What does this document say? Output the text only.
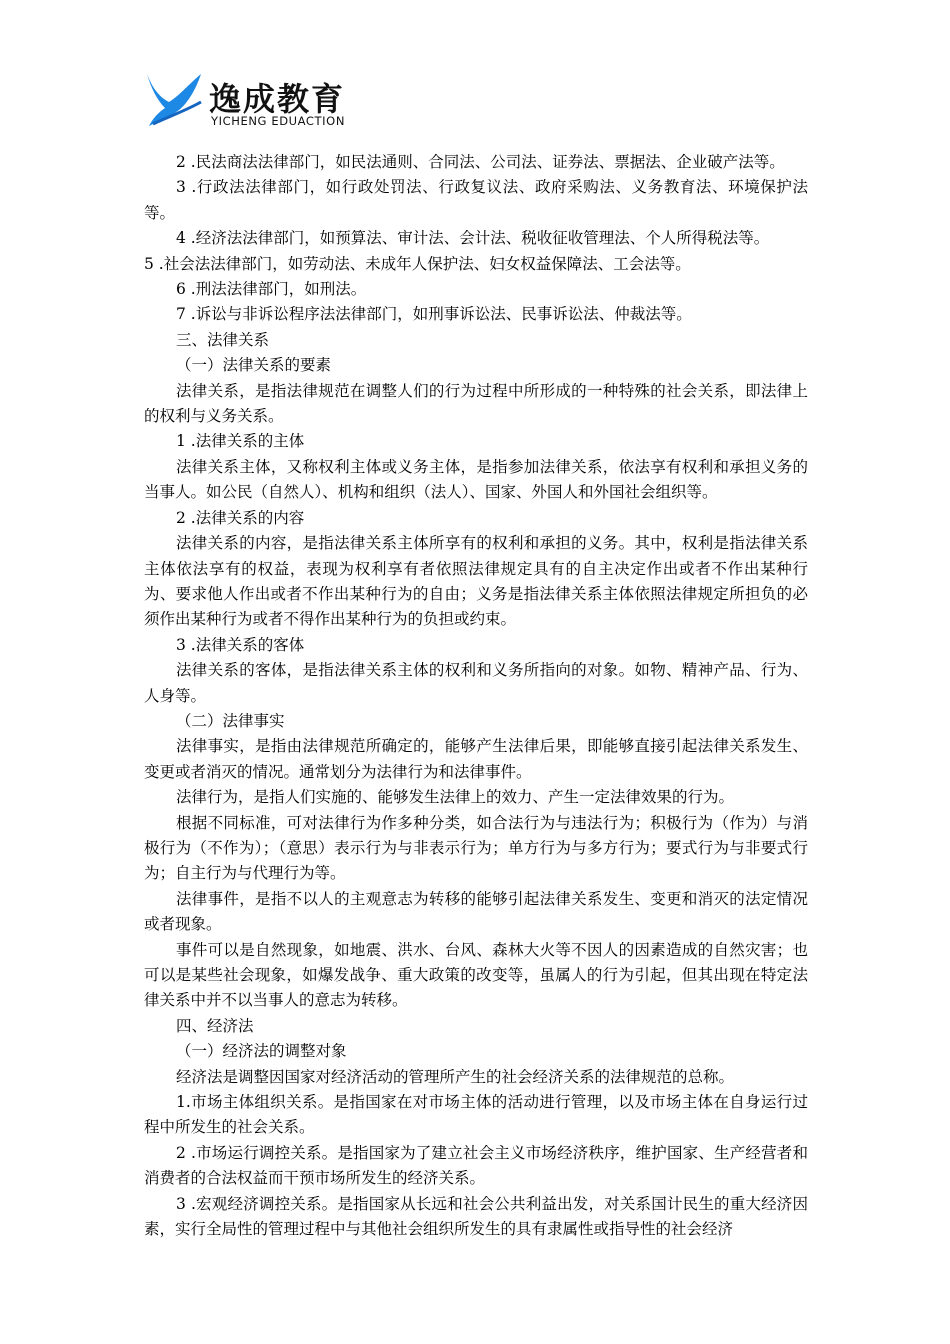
逸成教育
YICHENG EDUACTION

2 .民法商法法律部门，如民法通则、合同法、公司法、证券法、票据法、企业破产法等。

3 .行政法法律部门，如行政处罚法、行政复议法、政府采购法、义务教育法、环境保护法等。

4 .经济法法律部门，如预算法、审计法、会计法、税收征收管理法、个人所得税法等。

5 .社会法法律部门，如劳动法、未成年人保护法、妇女权益保障法、工会法等。

6 .刑法法律部门，如刑法。

7 .诉讼与非诉讼程序法法律部门，如刑事诉讼法、民事诉讼法、仲裁法等。

三、法律关系

（一）法律关系的要素

法律关系，是指法律规范在调整人们的行为过程中所形成的一种特殊的社会关系，即法律上的权利与义务关系。

1 .法律关系的主体

法律关系主体，又称权利主体或义务主体，是指参加法律关系，依法享有权利和承担义务的当事人。如公民（自然人）、机构和组织（法人）、国家、外国人和外国社会组织等。

2 .法律关系的内容

法律关系的内容，是指法律关系主体所享有的权利和承担的义务。其中，权利是指法律关系主体依法享有的权益，表现为权利享有者依照法律规定具有的自主决定作出或者不作出某种行为、要求他人作出或者不作出某种行为的自由；义务是指法律关系主体依照法律规定所担负的必须作出某种行为或者不得作出某种行为的负担或约束。

3 .法律关系的客体

法律关系的客体，是指法律关系主体的权利和义务所指向的对象。如物、精神产品、行为、人身等。

（二）法律事实

法律事实，是指由法律规范所确定的，能够产生法律后果，即能够直接引起法律关系发生、变更或者消灭的情况。通常划分为法律行为和法律事件。

法律行为，是指人们实施的、能够发生法律上的效力、产生一定法律效果的行为。

根据不同标准，可对法律行为作多种分类，如合法行为与违法行为；积极行为（作为）与消极行为（不作为）；（意思）表示行为与非表示行为；单方行为与多方行为；要式行为与非要式行为；自主行为与代理行为等。

法律事件，是指不以人的主观意志为转移的能够引起法律关系发生、变更和消灭的法定情况或者现象。

事件可以是自然现象，如地震、洪水、台风、森林大火等不因人的因素造成的自然灾害；也可以是某些社会现象，如爆发战争、重大政策的改变等，虽属人的行为引起，但其出现在特定法律关系中并不以当事人的意志为转移。

四、经济法

（一）经济法的调整对象

经济法是调整因国家对经济活动的管理所产生的社会经济关系的法律规范的总称。

1.市场主体组织关系。是指国家在对市场主体的活动进行管理，以及市场主体在自身运行过程中所发生的社会关系。

2 .市场运行调控关系。是指国家为了建立社会主义市场经济秩序，维护国家、生产经营者和消费者的合法权益而干预市场所发生的经济关系。

3 .宏观经济调控关系。是指国家从长远和社会公共利益出发，对关系国计民生的重大经济因素，实行全局性的管理过程中与其他社会组织所发生的具有隶属性或指导性的社会经济
